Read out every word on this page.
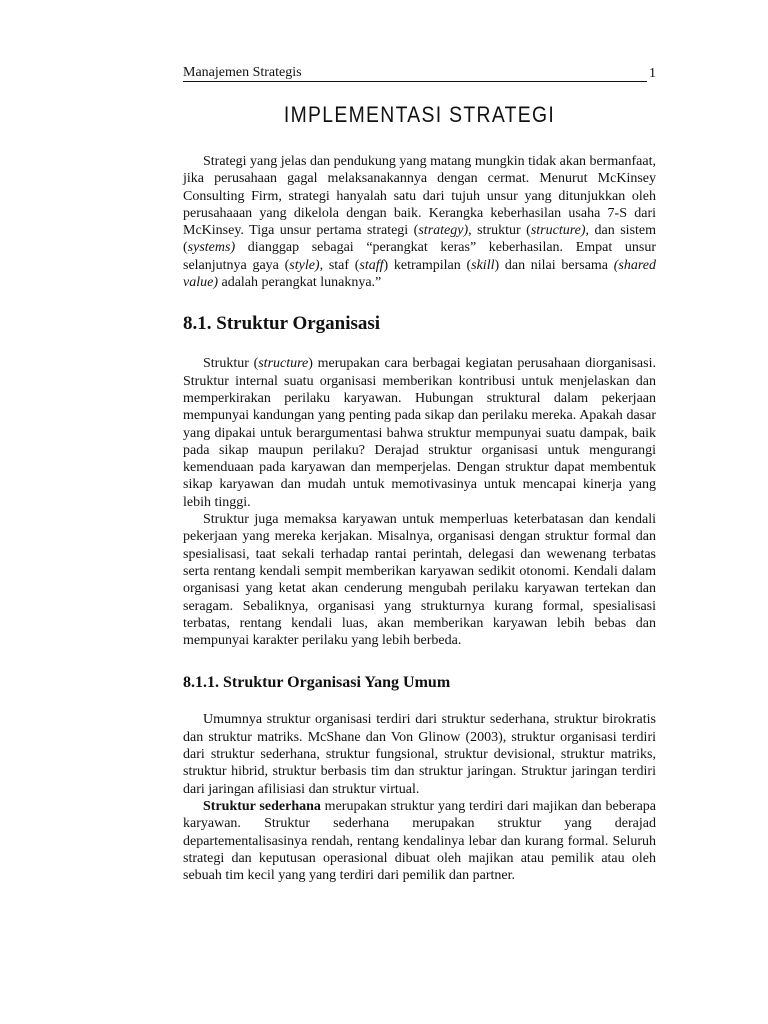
Manajemen Strategis	1
IMPLEMENTASI STRATEGI

Strategi yang jelas dan pendukung yang matang mungkin tidak akan bermanfaat, jika perusahaan gagal melaksanakannya dengan cermat. Menurut McKinsey Consulting Firm, strategi hanyalah satu dari tujuh unsur yang ditunjukkan oleh perusahaaan yang dikelola dengan baik. Kerangka keberhasilan usaha 7-S dari McKinsey. Tiga unsur pertama strategi (strategy), struktur (structure), dan sistem (systems) dianggap sebagai “perangkat keras” keberhasilan. Empat unsur selanjutnya gaya (style), staf (staff) ketrampilan (skill) dan nilai bersama (shared value) adalah perangkat lunaknya.”

8.1. Struktur Organisasi

Struktur (structure) merupakan cara berbagai kegiatan perusahaan diorganisasi. Struktur internal suatu organisasi memberikan kontribusi untuk menjelaskan dan memperkirakan perilaku karyawan. Hubungan struktural dalam pekerjaan mempunyai kandungan yang penting pada sikap dan perilaku mereka. Apakah dasar yang dipakai untuk berargumentasi bahwa struktur mempunyai suatu dampak, baik pada sikap maupun perilaku? Derajad struktur organisasi untuk mengurangi kemenduaan pada karyawan dan memperjelas. Dengan struktur dapat membentuk sikap karyawan dan mudah untuk memotivasinya untuk mencapai kinerja yang lebih tinggi.

Struktur juga memaksa karyawan untuk memperluas keterbatasan dan kendali pekerjaan yang mereka kerjakan. Misalnya, organisasi dengan struktur formal dan spesialisasi, taat sekali terhadap rantai perintah, delegasi dan wewenang terbatas serta rentang kendali sempit memberikan karyawan sedikit otonomi. Kendali dalam organisasi yang ketat akan cenderung mengubah perilaku karyawan tertekan dan seragam. Sebaliknya, organisasi yang strukturnya kurang formal, spesialisasi terbatas, rentang kendali luas, akan memberikan karyawan lebih bebas dan mempunyai karakter perilaku yang lebih berbeda.

8.1.1. Struktur Organisasi Yang Umum

Umumnya struktur organisasi terdiri dari struktur sederhana, struktur birokratis dan struktur matriks. McShane dan Von Glinow (2003), struktur organisasi terdiri dari struktur sederhana, struktur fungsional, struktur devisional, struktur matriks, struktur hibrid, struktur berbasis tim dan struktur jaringan. Struktur jaringan terdiri dari jaringan afilisiasi dan struktur virtual.

Struktur sederhana merupakan struktur yang terdiri dari majikan dan beberapa karyawan. Struktur sederhana merupakan struktur yang derajad departementalisasinya rendah, rentang kendalinya lebar dan kurang formal. Seluruh strategi dan keputusan operasional dibuat oleh majikan atau pemilik atau oleh sebuah tim kecil yang yang terdiri dari pemilik dan partner.
